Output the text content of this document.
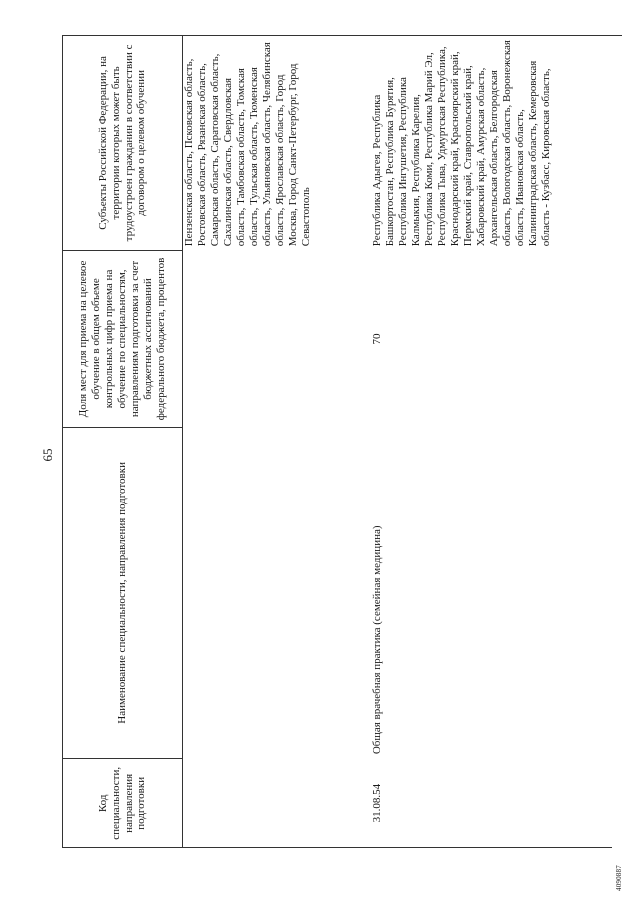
65
Код специальности, направления подготовки	Наименование специальности, направления подготовки	Доля мест для приема на целевое обучение в общем объеме контрольных цифр приема на обучение по специальностям, направлениям подготовки за счет бюджетных ассигнований федерального бюджета, процентов	Субъекты Российской Федерации, на территории которых может быть трудоустроен гражданин в соответствии с договором о целевом обучении

			Пензенская область, Псковская область, Ростовская область, Рязанская область, Самарская область, Саратовская область, Сахалинская область, Свердловская область, Тамбовская область, Томская область, Тульская область, Тюменская область, Ульяновская область, Челябинская область, Ярославская область, Город Москва, Город Санкт-Петербург, Город Севастополь

31.08.54	Общая врачебная практика (семейная медицина)	70	Республика Адыгея, Республика Башкортостан, Республика Бурятия, Республика Ингушетия, Республика Калмыкия, Республика Карелия, Республика Коми, Республика Марий Эл, Республика Тыва, Удмуртская Республика, Краснодарский край, Красноярский край, Пермский край, Ставропольский край, Хабаровский край, Амурская область, Архангельская область, Белгородская область, Вологодская область, Воронежская область, Ивановская область, Калининградская область, Кемеровская область - Кузбасс, Кировская область,

4090887
